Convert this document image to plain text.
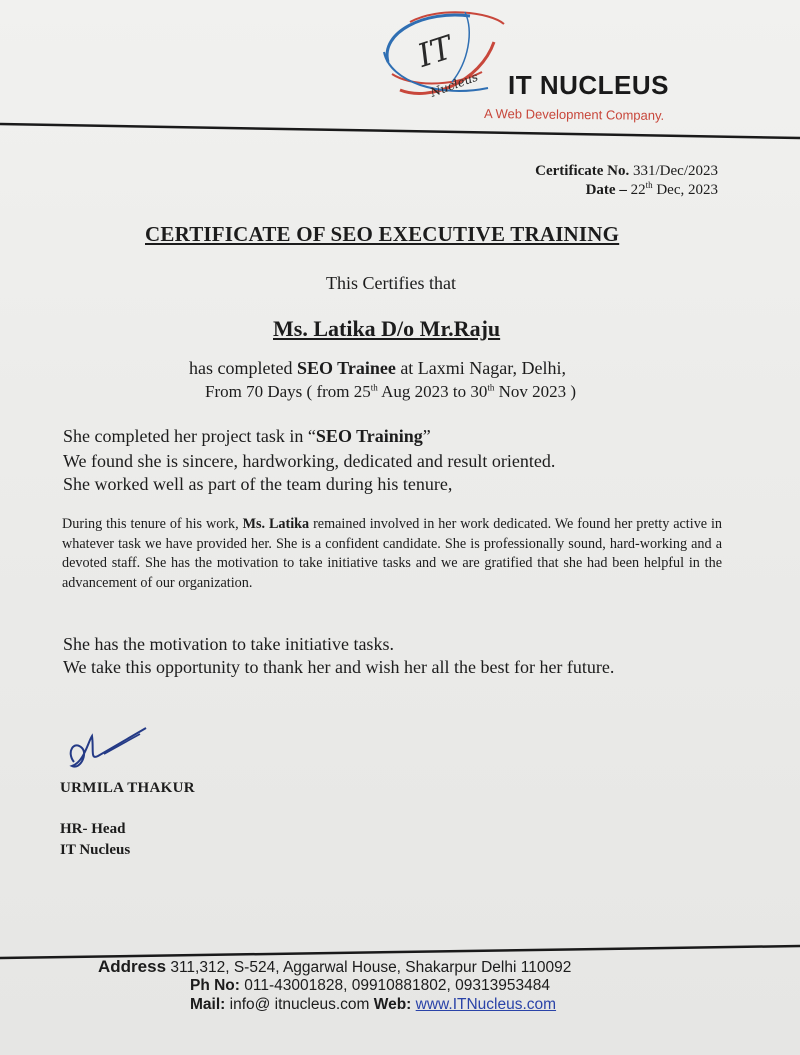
IT
Nucleus IT NUCLEUS
A Web Development Company.
Certificate No. 331/Dec/2023
Date – 22th Dec, 2023
CERTIFICATE OF SEO EXECUTIVE TRAINING
This Certifies that
Ms. Latika D/o Mr.Raju
has completed SEO Trainee at Laxmi Nagar, Delhi,
From 70 Days ( from 25th Aug 2023 to 30th Nov 2023 )
She completed her project task in “SEO Training”
We found she is sincere, hardworking, dedicated and result oriented.
She worked well as part of the team during his tenure,
During this tenure of his work, Ms. Latika remained involved in her work dedicated. We found her pretty active in whatever task we have provided her. She is a confident candidate. She is professionally sound, hard-working and a devoted staff. She has the motivation to take initiative tasks and we are gratified that she had been helpful in the advancement of our organization.
She has the motivation to take initiative tasks.
We take this opportunity to thank her and wish her all the best for her future.
URMILA THAKUR
HR- Head
IT Nucleus
Address 311,312, S-524, Aggarwal House, Shakarpur Delhi 110092
Ph No: 011-43001828, 09910881802, 09313953484
Mail: info@ itnucleus.com Web: www.ITNucleus.com
